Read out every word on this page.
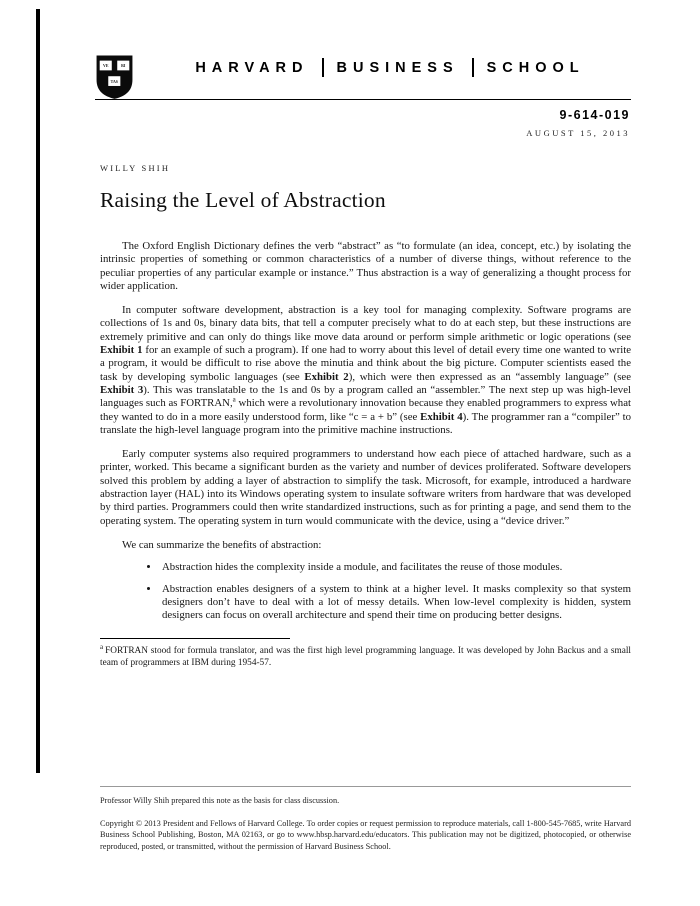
VE RI
TAS
HARVARD BUSINESS SCHOOL
9-614-019
AUGUST 15, 2013
WILLY SHIH
Raising the Level of Abstraction

The Oxford English Dictionary defines the verb “abstract” as “to formulate (an idea, concept, etc.) by isolating the intrinsic properties of something or common characteristics of a number of diverse things, without reference to the peculiar properties of any particular example or instance.” Thus abstraction is a way of generalizing a thought process for wider application.

In computer software development, abstraction is a key tool for managing complexity. Software programs are collections of 1s and 0s, binary data bits, that tell a computer precisely what to do at each step, but these instructions are extremely primitive and can only do things like move data around or perform simple arithmetic or logic operations (see Exhibit 1 for an example of such a program). If one had to worry about this level of detail every time one wanted to write a program, it would be difficult to rise above the minutia and think about the big picture. Computer scientists eased the task by developing symbolic languages (see Exhibit 2), which were then expressed as an “assembly language” (see Exhibit 3). This was translatable to the 1s and 0s by a program called an “assembler.” The next step up was high-level languages such as FORTRAN,$^a$ which were a revolutionary innovation because they enabled programmers to express what they wanted to do in a more easily understood form, like “c = a + b” (see Exhibit 4). The programmer ran a “compiler” to translate the high-level language program into the primitive machine instructions.

Early computer systems also required programmers to understand how each piece of attached hardware, such as a printer, worked. This became a significant burden as the variety and number of devices proliferated. Software developers solved this problem by adding a layer of abstraction to simplify the task. Microsoft, for example, introduced a hardware abstraction layer (HAL) into its Windows operating system to insulate software writers from hardware that was developed by third parties. Programmers could then write standardized instructions, such as for printing a page, and send them to the operating system. The operating system in turn would communicate with the device, using a “device driver.”

We can summarize the benefits of abstraction:

• Abstraction hides the complexity inside a module, and facilitates the reuse of those modules.
• Abstraction enables designers of a system to think at a higher level. It masks complexity so that system designers don’t have to deal with a lot of messy details. When low-level complexity is hidden, system designers can focus on overall architecture and spend their time on producing better designs.
$^a$ FORTRAN stood for formula translator, and was the first high level programming language. It was developed by John Backus and a small team of programmers at IBM during 1954-57.
Professor Willy Shih prepared this note as the basis for class discussion.
Copyright © 2013 President and Fellows of Harvard College. To order copies or request permission to reproduce materials, call 1-800-545-7685, write Harvard Business School Publishing, Boston, MA 02163, or go to www.hbsp.harvard.edu/educators. This publication may not be digitized, photocopied, or otherwise reproduced, posted, or transmitted, without the permission of Harvard Business School.
